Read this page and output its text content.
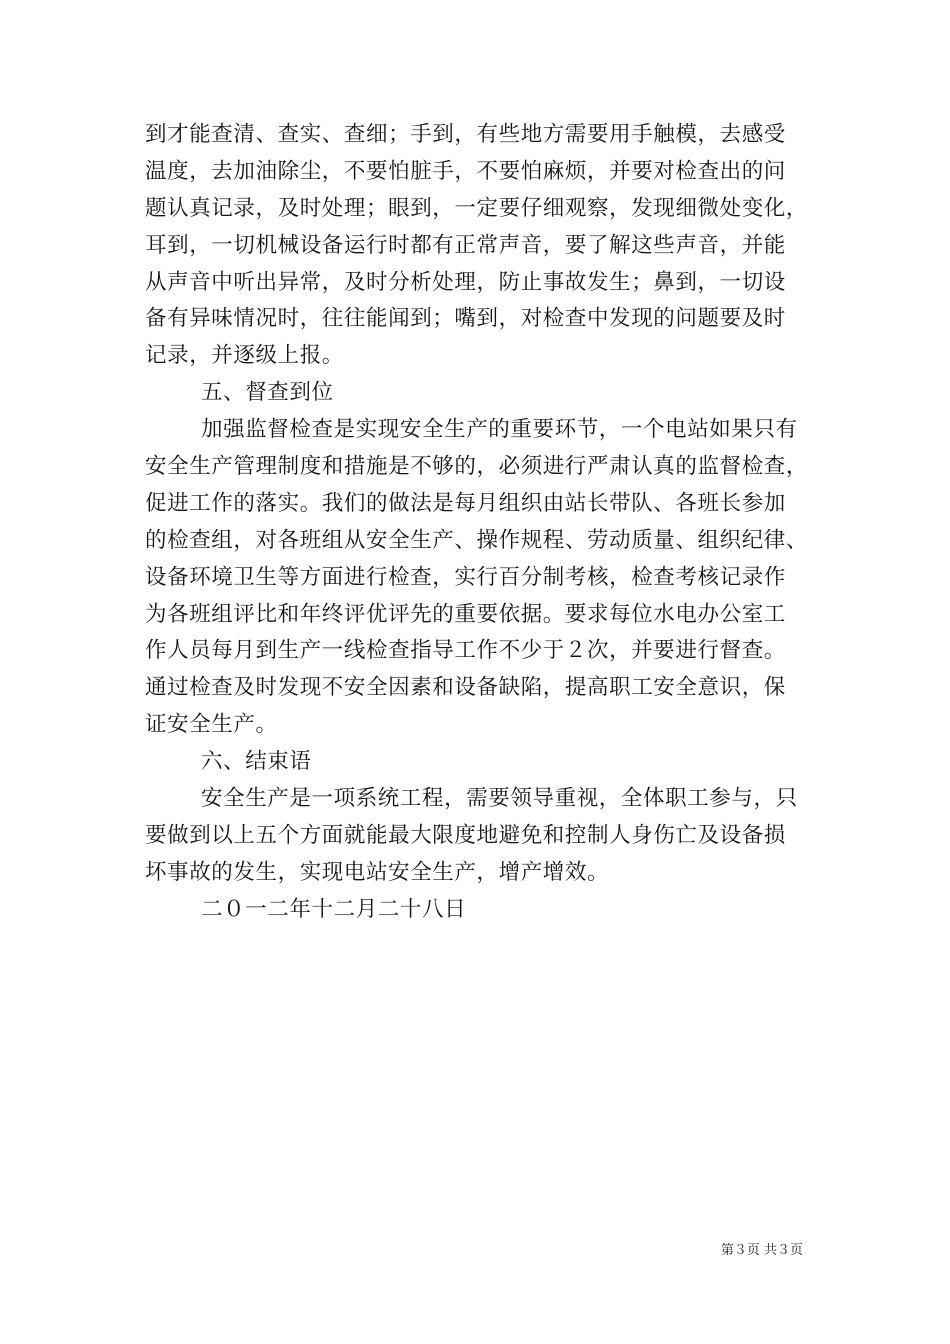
到才能查清、查实、查细；手到，有些地方需要用手触模，去感受
温度，去加油除尘，不要怕脏手，不要怕麻烦，并要对检查出的问
题认真记录，及时处理；眼到，一定要仔细观察，发现细微处变化，
耳到，一切机械设备运行时都有正常声音，要了解这些声音，并能
从声音中听出异常，及时分析处理，防止事故发生；鼻到，一切设
备有异味情况时，往往能闻到；嘴到，对检查中发现的问题要及时
记录，并逐级上报。
五、督查到位
加强监督检查是实现安全生产的重要环节，一个电站如果只有
安全生产管理制度和措施是不够的，必须进行严肃认真的监督检查，
促进工作的落实。我们的做法是每月组织由站长带队、各班长参加
的检查组，对各班组从安全生产、操作规程、劳动质量、组织纪律、
设备环境卫生等方面进行检查，实行百分制考核，检查考核记录作
为各班组评比和年终评优评先的重要依据。要求每位水电办公室工
作人员每月到生产一线检查指导工作不少于２次，并要进行督查。
通过检查及时发现不安全因素和设备缺陷，提高职工安全意识，保
证安全生产。
六、结束语
安全生产是一项系统工程，需要领导重视，全体职工参与，只
要做到以上五个方面就能最大限度地避免和控制人身伤亡及设备损
坏事故的发生，实现电站安全生产，增产增效。
二０一二年十二月二十八日
第３页 共３页
